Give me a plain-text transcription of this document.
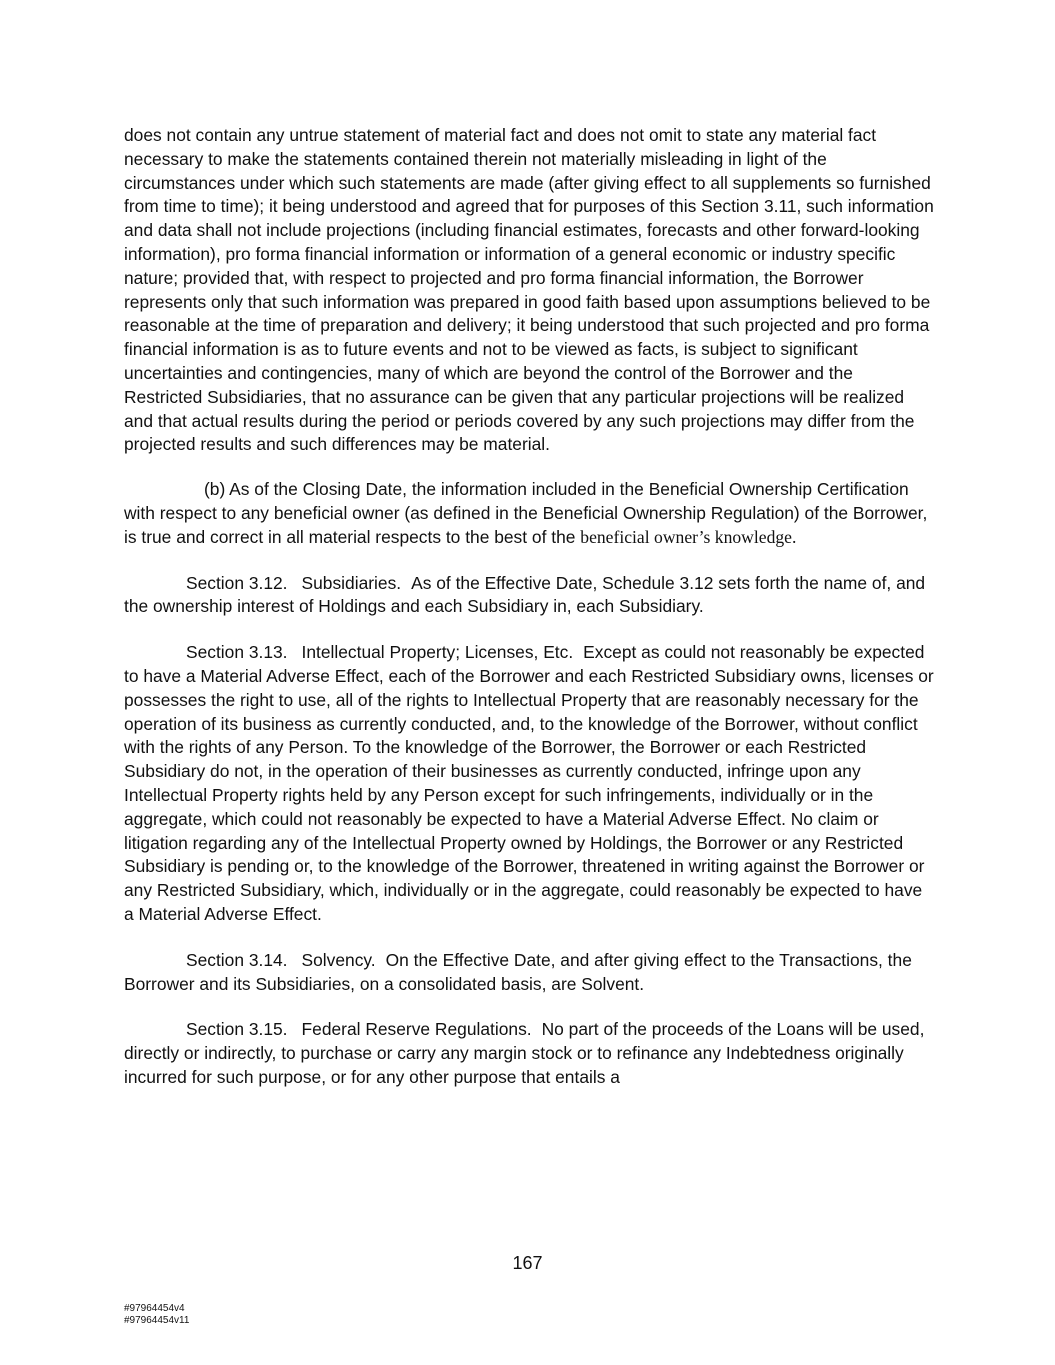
does not contain any untrue statement of material fact and does not omit to state any material fact necessary to make the statements contained therein not materially misleading in light of the circumstances under which such statements are made (after giving effect to all supplements so furnished from time to time); it being understood and agreed that for purposes of this Section 3.11, such information and data shall not include projections (including financial estimates, forecasts and other forward-looking information), pro forma financial information or information of a general economic or industry specific nature; provided that, with respect to projected and pro forma financial information, the Borrower represents only that such information was prepared in good faith based upon assumptions believed to be reasonable at the time of preparation and delivery; it being understood that such projected and pro forma financial information is as to future events and not to be viewed as facts, is subject to significant uncertainties and contingencies, many of which are beyond the control of the Borrower and the Restricted Subsidiaries, that no assurance can be given that any particular projections will be realized and that actual results during the period or periods covered by any such projections may differ from the projected results and such differences may be material.

(b) As of the Closing Date, the information included in the Beneficial Ownership Certification with respect to any beneficial owner (as defined in the Beneficial Ownership Regulation) of the Borrower, is true and correct in all material respects to the best of the beneficial owner’s knowledge.

Section 3.12. Subsidiaries. As of the Effective Date, Schedule 3.12 sets forth the name of, and the ownership interest of Holdings and each Subsidiary in, each Subsidiary.

Section 3.13. Intellectual Property; Licenses, Etc. Except as could not reasonably be expected to have a Material Adverse Effect, each of the Borrower and each Restricted Subsidiary owns, licenses or possesses the right to use, all of the rights to Intellectual Property that are reasonably necessary for the operation of its business as currently conducted, and, to the knowledge of the Borrower, without conflict with the rights of any Person. To the knowledge of the Borrower, the Borrower or each Restricted Subsidiary do not, in the operation of their businesses as currently conducted, infringe upon any Intellectual Property rights held by any Person except for such infringements, individually or in the aggregate, which could not reasonably be expected to have a Material Adverse Effect. No claim or litigation regarding any of the Intellectual Property owned by Holdings, the Borrower or any Restricted Subsidiary is pending or, to the knowledge of the Borrower, threatened in writing against the Borrower or any Restricted Subsidiary, which, individually or in the aggregate, could reasonably be expected to have a Material Adverse Effect.

Section 3.14. Solvency. On the Effective Date, and after giving effect to the Transactions, the Borrower and its Subsidiaries, on a consolidated basis, are Solvent.

Section 3.15. Federal Reserve Regulations. No part of the proceeds of the Loans will be used, directly or indirectly, to purchase or carry any margin stock or to refinance any Indebtedness originally incurred for such purpose, or for any other purpose that entails a

167
#97964454v4
#97964454v11
